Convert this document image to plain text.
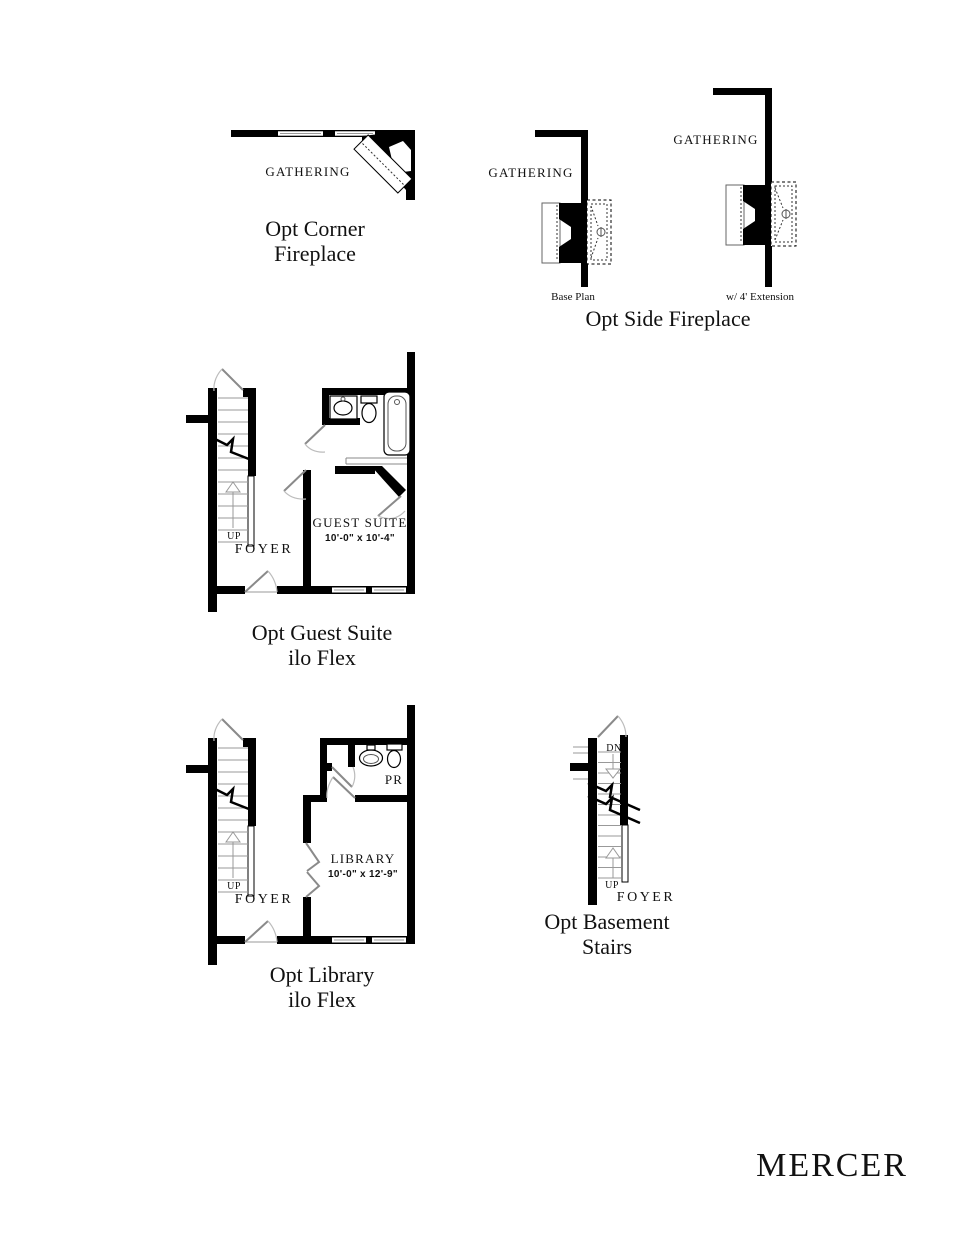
GATHERING
Opt Corner
Fireplace
GATHERING
Base Plan
GATHERING
w/ 4' Extension
Opt Side Fireplace
UP
FOYER
GUEST SUITE
10'-0" x 10'-4"
Opt Guest Suite
ilo Flex
UP
FOYER
PR
LIBRARY
10'-0" x 12'-9"
Opt Library
ilo Flex
DN
UP
FOYER
Opt Basement
Stairs
MERCER
